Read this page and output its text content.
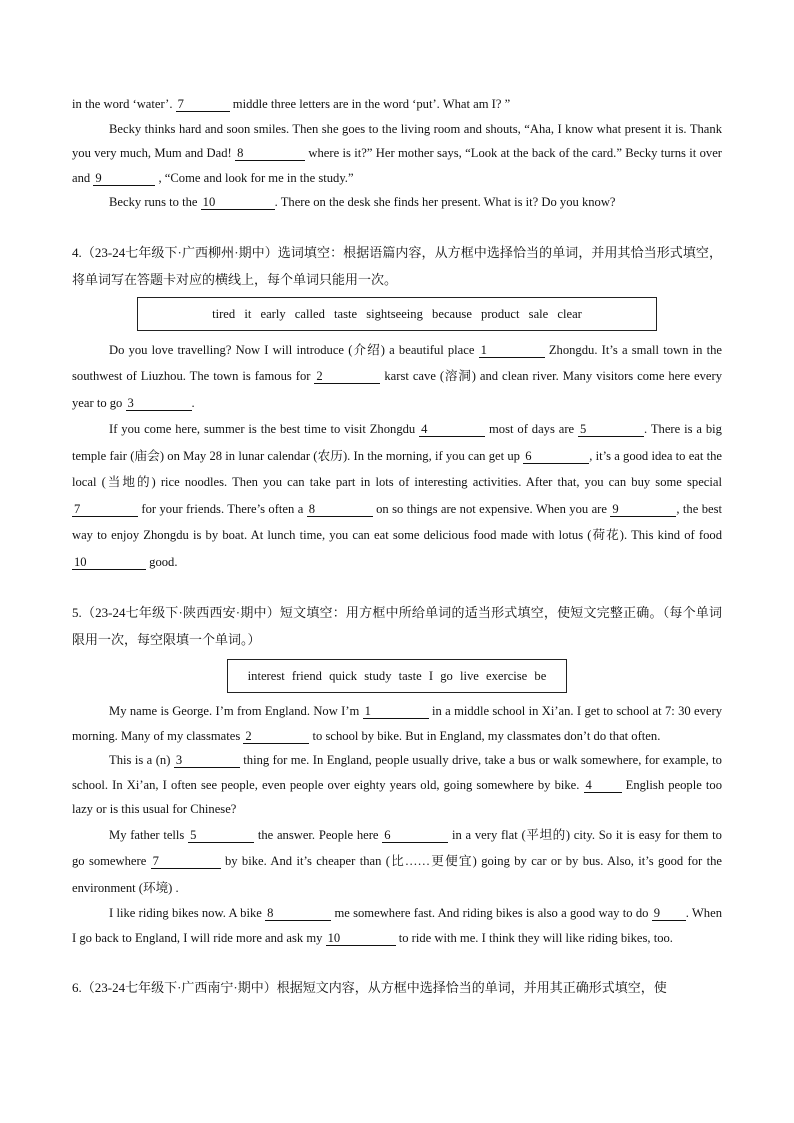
in the word ‘water’. 7	middle three letters are in the word ‘put’. What am I? ”

Becky thinks hard and soon smiles. Then she goes to the living room and shouts, “Aha, I know what present it is. Thank you very much, Mum and Dad! 8	where is it?” Her mother says, “Look at the back of the card.” Becky turns it over and 9	, “Come and look for me in the study.”

Becky runs to the 10	. There on the desk she finds her present. What is it? Do you know?

4.（23-24七年级下·广西柳州·期中）选词填空：根据语篇内容，从方框中选择恰当的单词，并用其恰当形式填空，将单词写在答题卡对应的横线上，每个单词只能用一次。

tired it early called taste sightseeing because product sale clear

Do you love travelling? Now I will introduce (介绍) a beautiful place 1	Zhongdu. It’s a small town in the southwest of Liuzhou. The town is famous for 2	karst cave (溶洞) and clean river. Many visitors come here every year to go 3	.

If you come here, summer is the best time to visit Zhongdu 4	most of days are 5	. There is a big temple fair (庙会) on May 28 in lunar calendar (农历). In the morning, if you can get up 6	, it’s a good idea to eat the local (当地的) rice noodles. Then you can take part in lots of interesting activities. After that, you can buy some special 7	for your friends. There’s often a 8	on so things are not expensive. When you are 9	, the best way to enjoy Zhongdu is by boat. At lunch time, you can eat some delicious food made with lotus (荷花). This kind of food 10	good.

5.（23-24七年级下·陕西西安·期中）短文填空：用方框中所给单词的适当形式填空，使短文完整正确。（每个单词限用一次，每空限填一个单词。）

interest friend quick study taste I go live exercise be

My name is George. I’m from England. Now I’m 1	in a middle school in Xi’an. I get to school at 7: 30 every morning. Many of my classmates 2	to school by bike. But in England, my classmates don’t do that often.

This is a (n) 3	thing for me. In England, people usually drive, take a bus or walk somewhere, for example, to school. In Xi’an, I often see people, even people over eighty years old, going somewhere by bike. 4 English people too lazy or is this usual for Chinese?

My father tells 5	the answer. People here 6	in a very flat (平坦的) city. So it is easy for them to go somewhere 7	by bike. And it’s cheaper than (比……更便宜) going by car or by bus. Also, it’s good for the environment (环境) .

I like riding bikes now. A bike 8	me somewhere fast. And riding bikes is also a good way to do 9 . When I go back to England, I will ride more and ask my 10	to ride with me. I think they will like riding bikes, too.

6.（23-24七年级下·广西南宁·期中）根据短文内容，从方框中选择恰当的单词，并用其正确形式填空，使
